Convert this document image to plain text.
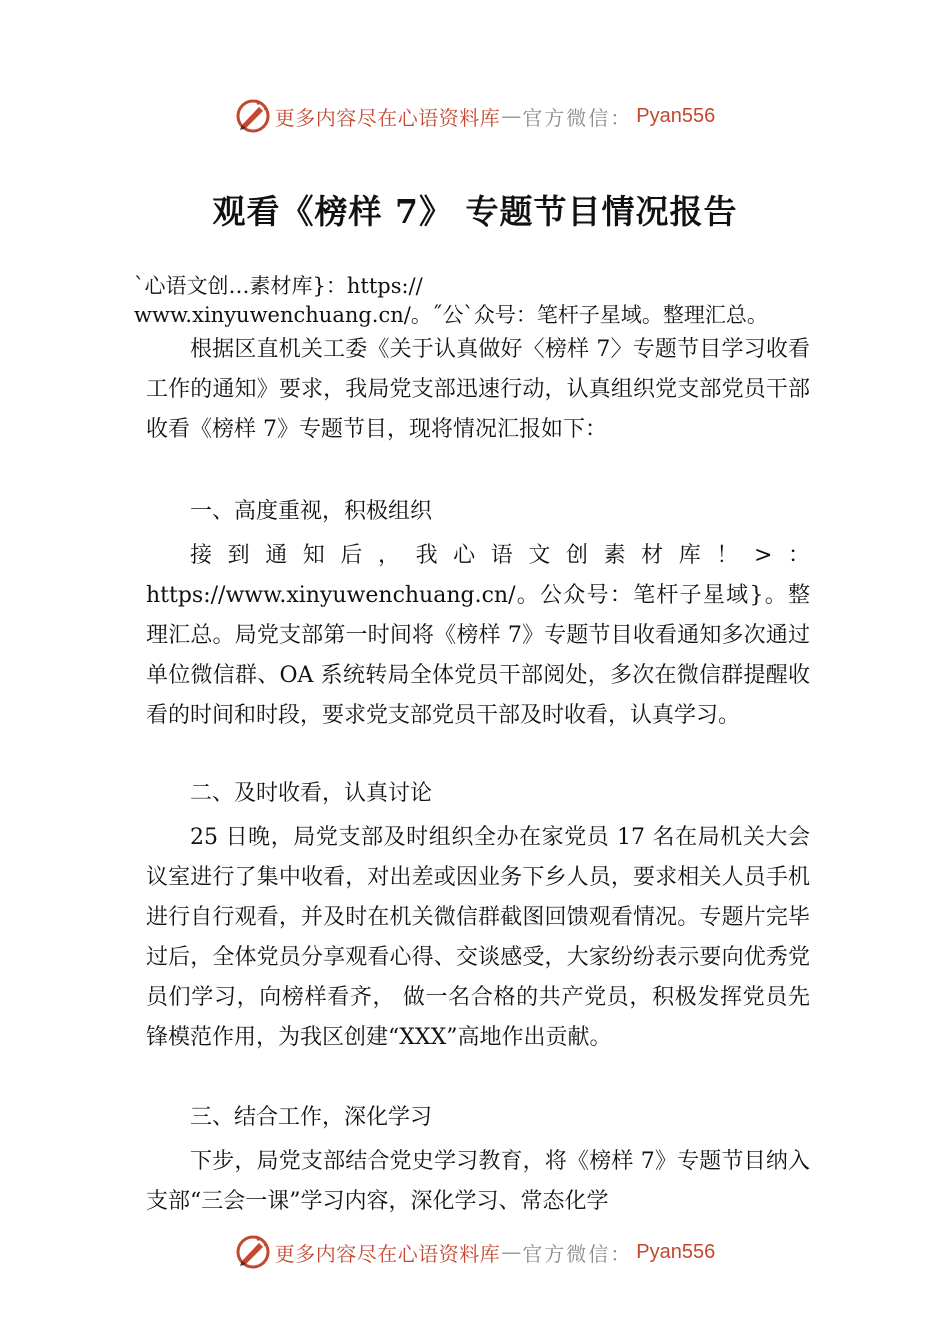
更多内容尽在心语资料库 — 官方微信： Pyan556
观看《榜样 7》 专题节目情况报告
`心语文创…素材库}：https://
www.xinyuwenchuang.cn/。˝公`众号：笔杆子星域。整理汇总。

根据区直机关工委《关于认真做好〈榜样 7〉专题节目学习收看工作的通知》要求，我局党支部迅速行动，认真组织党支部党员干部收看《榜样 7》专题节目，现将情况汇报如下：

一、高度重视，积极组织

接到通知后，我心语文创素材库！>：https://www.xinyuwenchuang.cn/。公众号：笔杆子星域}。整理汇总。局党支部第一时间将《榜样 7》专题节目收看通知多次通过单位微信群、OA 系统转局全体党员干部阅处，多次在微信群提醒收看的时间和时段，要求党支部党员干部及时收看，认真学习。

二、及时收看，认真讨论

25 日晚，局党支部及时组织全办在家党员 17 名在局机关大会议室进行了集中收看，对出差或因业务下乡人员，要求相关人员手机进行自行观看，并及时在机关微信群截图回馈观看情况。专题片完毕过后，全体党员分享观看心得、交谈感受，大家纷纷表示要向优秀党员们学习，向榜样看齐， 做一名合格的共产党员，积极发挥党员先锋模范作用，为我区创建“XXX”高地作出贡献。

三、结合工作，深化学习

下步，局党支部结合党史学习教育，将《榜样 7》专题节目纳入支部“三会一课”学习内容，深化学习、常态化学

更多内容尽在心语资料库 — 官方微信： Pyan556
